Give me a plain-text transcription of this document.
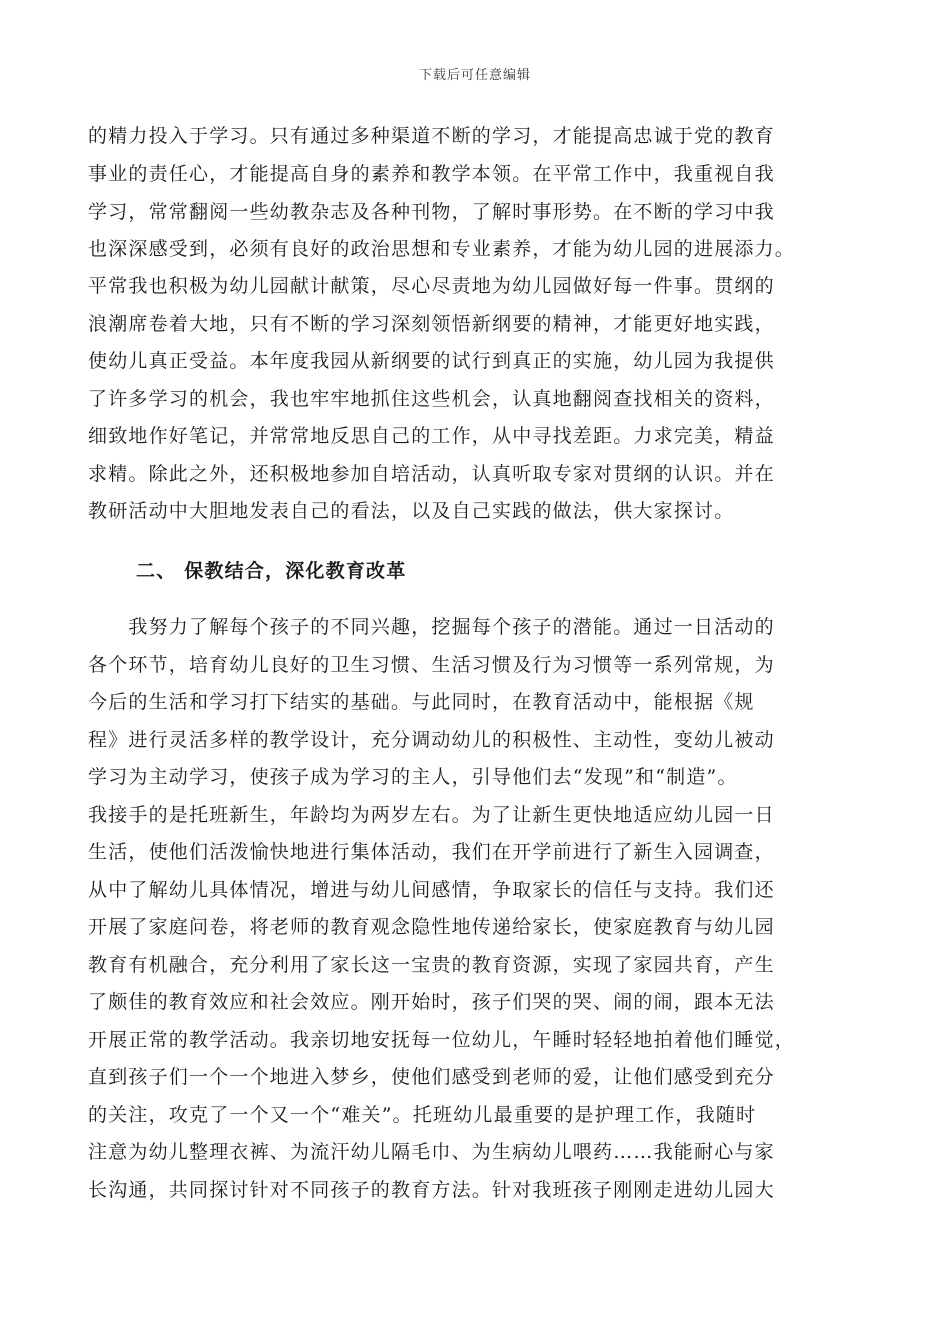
下载后可任意编辑
的精力投入于学习。只有通过多种渠道不断的学习，才能提高忠诚于党的教育
事业的责任心，才能提高自身的素养和教学本领。在平常工作中，我重视自我
学习，常常翻阅一些幼教杂志及各种刊物，了解时事形势。在不断的学习中我
也深深感受到，必须有良好的政治思想和专业素养，才能为幼儿园的进展添力。
平常我也积极为幼儿园献计献策，尽心尽责地为幼儿园做好每一件事。贯纲的
浪潮席卷着大地，只有不断的学习深刻领悟新纲要的精神，才能更好地实践，
使幼儿真正受益。本年度我园从新纲要的试行到真正的实施，幼儿园为我提供
了许多学习的机会，我也牢牢地抓住这些机会，认真地翻阅查找相关的资料，
细致地作好笔记，并常常地反思自己的工作，从中寻找差距。力求完美，精益
求精。除此之外，还积极地参加自培活动，认真听取专家对贯纲的认识。并在
教研活动中大胆地发表自己的看法，以及自己实践的做法，供大家探讨。
二、 保教结合，深化教育改革
　　我努力了解每个孩子的不同兴趣，挖掘每个孩子的潜能。通过一日活动的
各个环节，培育幼儿良好的卫生习惯、生活习惯及行为习惯等一系列常规，为
今后的生活和学习打下结实的基础。与此同时，在教育活动中，能根据《规
程》进行灵活多样的教学设计，充分调动幼儿的积极性、主动性，变幼儿被动
学习为主动学习，使孩子成为学习的主人，引导他们去“发现”和“制造”。
我接手的是托班新生，年龄均为两岁左右。为了让新生更快地适应幼儿园一日
生活，使他们活泼愉快地进行集体活动，我们在开学前进行了新生入园调查，
从中了解幼儿具体情况，增进与幼儿间感情，争取家长的信任与支持。我们还
开展了家庭问卷，将老师的教育观念隐性地传递给家长，使家庭教育与幼儿园
教育有机融合，充分利用了家长这一宝贵的教育资源，实现了家园共育，产生
了颇佳的教育效应和社会效应。刚开始时，孩子们哭的哭、闹的闹，跟本无法
开展正常的教学活动。我亲切地安抚每一位幼儿，午睡时轻轻地拍着他们睡觉，
直到孩子们一个一个地进入梦乡，使他们感受到老师的爱，让他们感受到充分
的关注，攻克了一个又一个“难关”。托班幼儿最重要的是护理工作，我随时
注意为幼儿整理衣裤、为流汗幼儿隔毛巾、为生病幼儿喂药……我能耐心与家
长沟通，共同探讨针对不同孩子的教育方法。针对我班孩子刚刚走进幼儿园大
